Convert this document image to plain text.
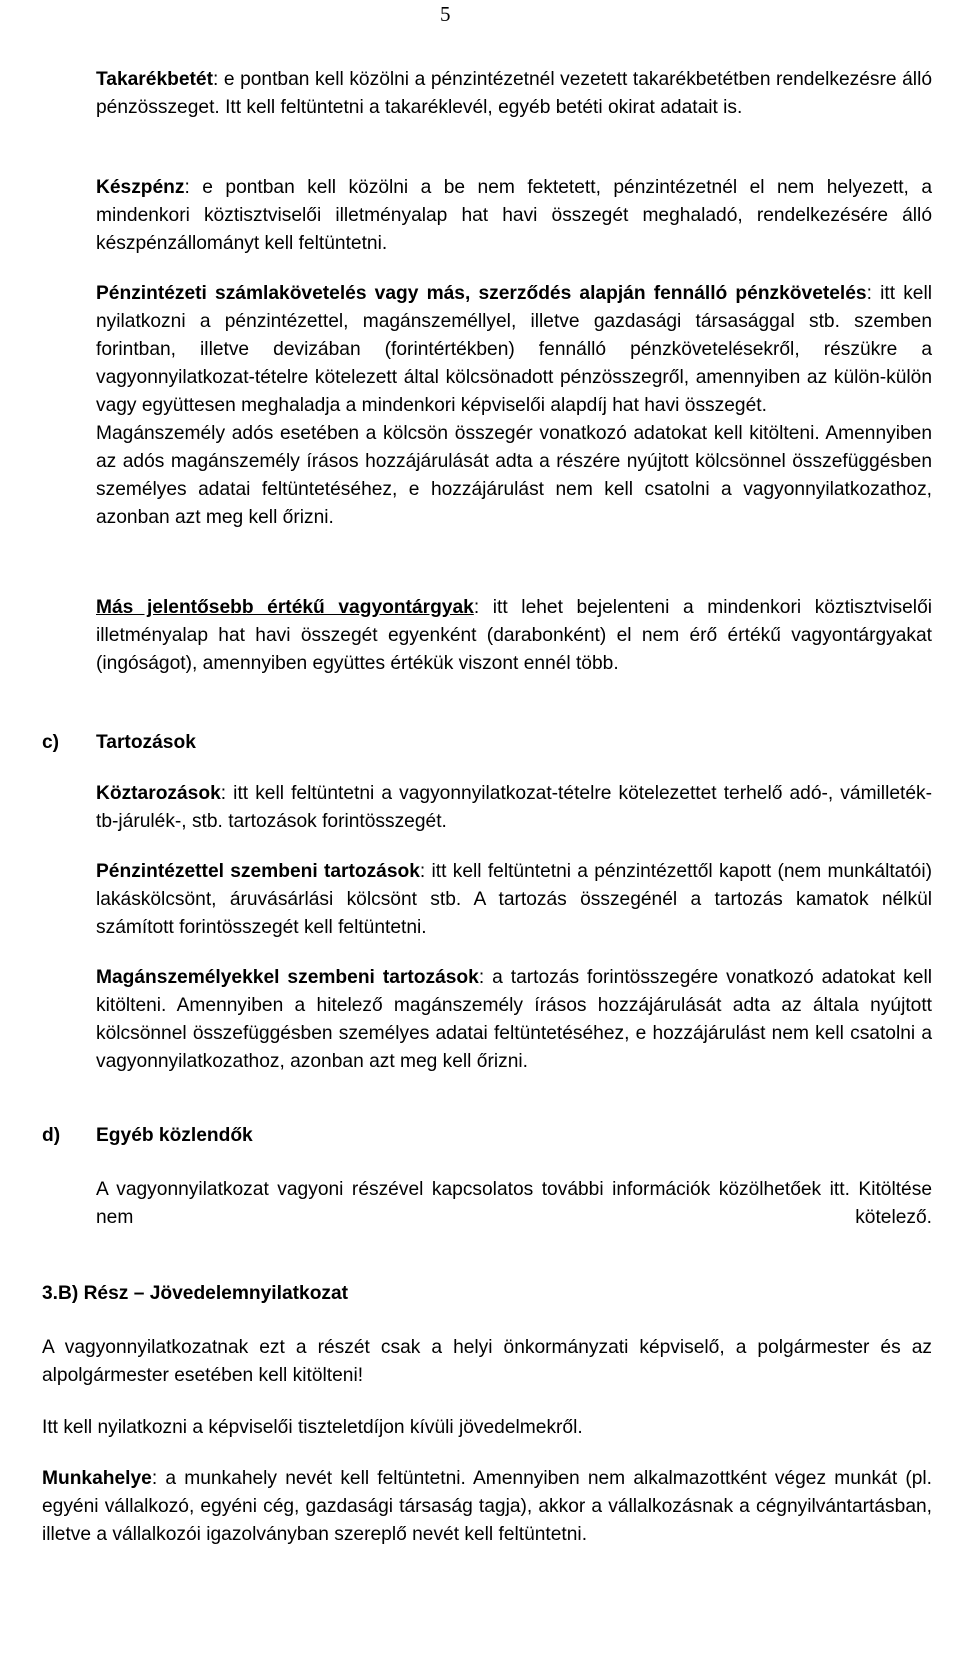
5

Takarékbetét: e pontban kell közölni a pénzintézetnél vezetett takarékbetétben rendelkezésre álló pénzösszeget. Itt kell feltüntetni a takaréklevél, egyéb betéti okirat adatait is.

Készpénz: e pontban kell közölni a be nem fektetett, pénzintézetnél el nem helyezett, a mindenkori köztisztviselői illetményalap hat havi összegét meghaladó, rendelkezésére álló készpénzállományt kell feltüntetni.

Pénzintézeti számlakövetelés vagy más, szerződés alapján fennálló pénzkövetelés: itt kell nyilatkozni a pénzintézettel, magánszeméllyel, illetve gazdasági társasággal stb. szemben forintban, illetve devizában (forintértékben) fennálló pénzkövetelésekről, részükre a vagyonnyilatkozat-tételre kötelezett által kölcsönadott pénzösszegről, amennyiben az külön-külön vagy együttesen meghaladja a mindenkori képviselői alapdíj hat havi összegét.
Magánszemély adós esetében a kölcsön összegér vonatkozó adatokat kell kitölteni. Amennyiben az adós magánszemély írásos hozzájárulását adta a részére nyújtott kölcsönnel összefüggésben személyes adatai feltüntetéséhez, e hozzájárulást nem kell csatolni a vagyonnyilatkozathoz, azonban azt meg kell őrizni.

Más jelentősebb értékű vagyontárgyak: itt lehet bejelenteni a mindenkori köztisztviselői illetményalap hat havi összegét egyenként (darabonként) el nem érő értékű vagyontárgyakat (ingóságot), amennyiben együttes értékük viszont ennél több.

c) Tartozások

Köztarozások: itt kell feltüntetni a vagyonnyilatkozat-tételre kötelezettet terhelő adó-, vámilleték- tb-járulék-, stb. tartozások forintösszegét.

Pénzintézettel szembeni tartozások: itt kell feltüntetni a pénzintézettől kapott (nem munkáltatói) lakáskölcsönt, áruvásárlási kölcsönt stb. A tartozás összegénél a tartozás kamatok nélkül számított forintösszegét kell feltüntetni.

Magánszemélyekkel szembeni tartozások: a tartozás forintösszegére vonatkozó adatokat kell kitölteni. Amennyiben a hitelező magánszemély írásos hozzájárulását adta az általa nyújtott kölcsönnel összefüggésben személyes adatai feltüntetéséhez, e hozzájárulást nem kell csatolni a vagyonnyilatkozathoz, azonban azt meg kell őrizni.

d) Egyéb közlendők

A vagyonnyilatkozat vagyoni részével kapcsolatos további információk közölhetőek itt. Kitöltése nem kötelező.

3.B) Rész – Jövedelemnyilatkozat

A vagyonnyilatkozatnak ezt a részét csak a helyi önkormányzati képviselő, a polgármester és az alpolgármester esetében kell kitölteni!

Itt kell nyilatkozni a képviselői tiszteletdíjon kívüli jövedelmekről.

Munkahelye: a munkahely nevét kell feltüntetni. Amennyiben nem alkalmazottként végez munkát (pl. egyéni vállalkozó, egyéni cég, gazdasági társaság tagja), akkor a vállalkozásnak a cégnyilvántartásban, illetve a vállalkozói igazolványban szereplő nevét kell feltüntetni.
